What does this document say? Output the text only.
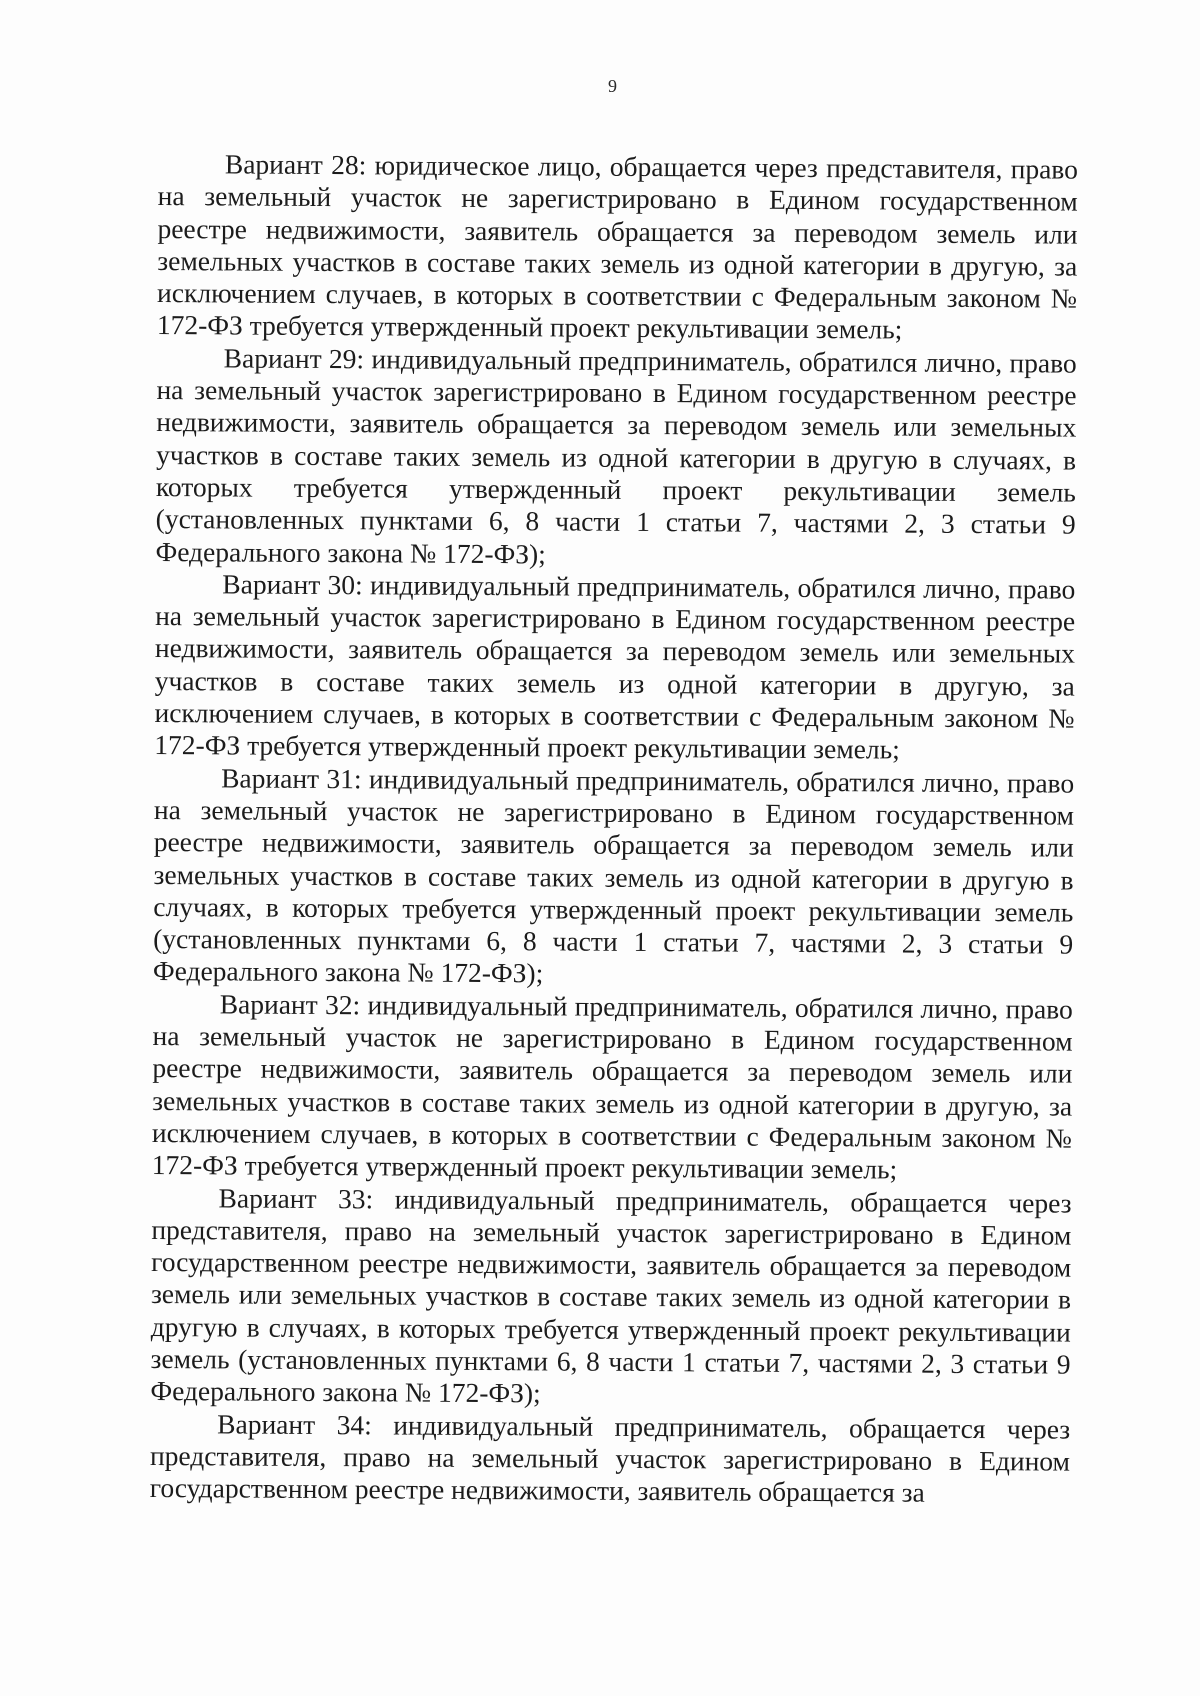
9

Вариант 28: юридическое лицо, обращается через представителя, право на земельный участок не зарегистрировано в Едином государственном реестре недвижимости, заявитель обращается за переводом земель или земельных участков в составе таких земель из одной категории в другую, за исключением случаев, в которых в соответствии с Федеральным законом № 172-ФЗ требуется утвержденный проект рекультивации земель;

Вариант 29: индивидуальный предприниматель, обратился лично, право на земельный участок зарегистрировано в Едином государственном реестре недвижимости, заявитель обращается за переводом земель или земельных участков в составе таких земель из одной категории в другую в случаях, в которых требуется утвержденный проект рекультивации земель (установленных пунктами 6, 8 части 1 статьи 7, частями 2, 3 статьи 9 Федерального закона № 172-ФЗ);

Вариант 30: индивидуальный предприниматель, обратился лично, право на земельный участок зарегистрировано в Едином государственном реестре недвижимости, заявитель обращается за переводом земель или земельных участков в составе таких земель из одной категории в другую, за исключением случаев, в которых в соответствии с Федеральным законом № 172-ФЗ требуется утвержденный проект рекультивации земель;

Вариант 31: индивидуальный предприниматель, обратился лично, право на земельный участок не зарегистрировано в Едином государственном реестре недвижимости, заявитель обращается за переводом земель или земельных участков в составе таких земель из одной категории в другую в случаях, в которых требуется утвержденный проект рекультивации земель (установленных пунктами 6, 8 части 1 статьи 7, частями 2, 3 статьи 9 Федерального закона № 172-ФЗ);

Вариант 32: индивидуальный предприниматель, обратился лично, право на земельный участок не зарегистрировано в Едином государственном реестре недвижимости, заявитель обращается за переводом земель или земельных участков в составе таких земель из одной категории в другую, за исключением случаев, в которых в соответствии с Федеральным законом № 172-ФЗ требуется утвержденный проект рекультивации земель;

Вариант 33: индивидуальный предприниматель, обращается через представителя, право на земельный участок зарегистрировано в Едином государственном реестре недвижимости, заявитель обращается за переводом земель или земельных участков в составе таких земель из одной категории в другую в случаях, в которых требуется утвержденный проект рекультивации земель (установленных пунктами 6, 8 части 1 статьи 7, частями 2, 3 статьи 9 Федерального закона № 172-ФЗ);

Вариант 34: индивидуальный предприниматель, обращается через представителя, право на земельный участок зарегистрировано в Едином государственном реестре недвижимости, заявитель обращается за
